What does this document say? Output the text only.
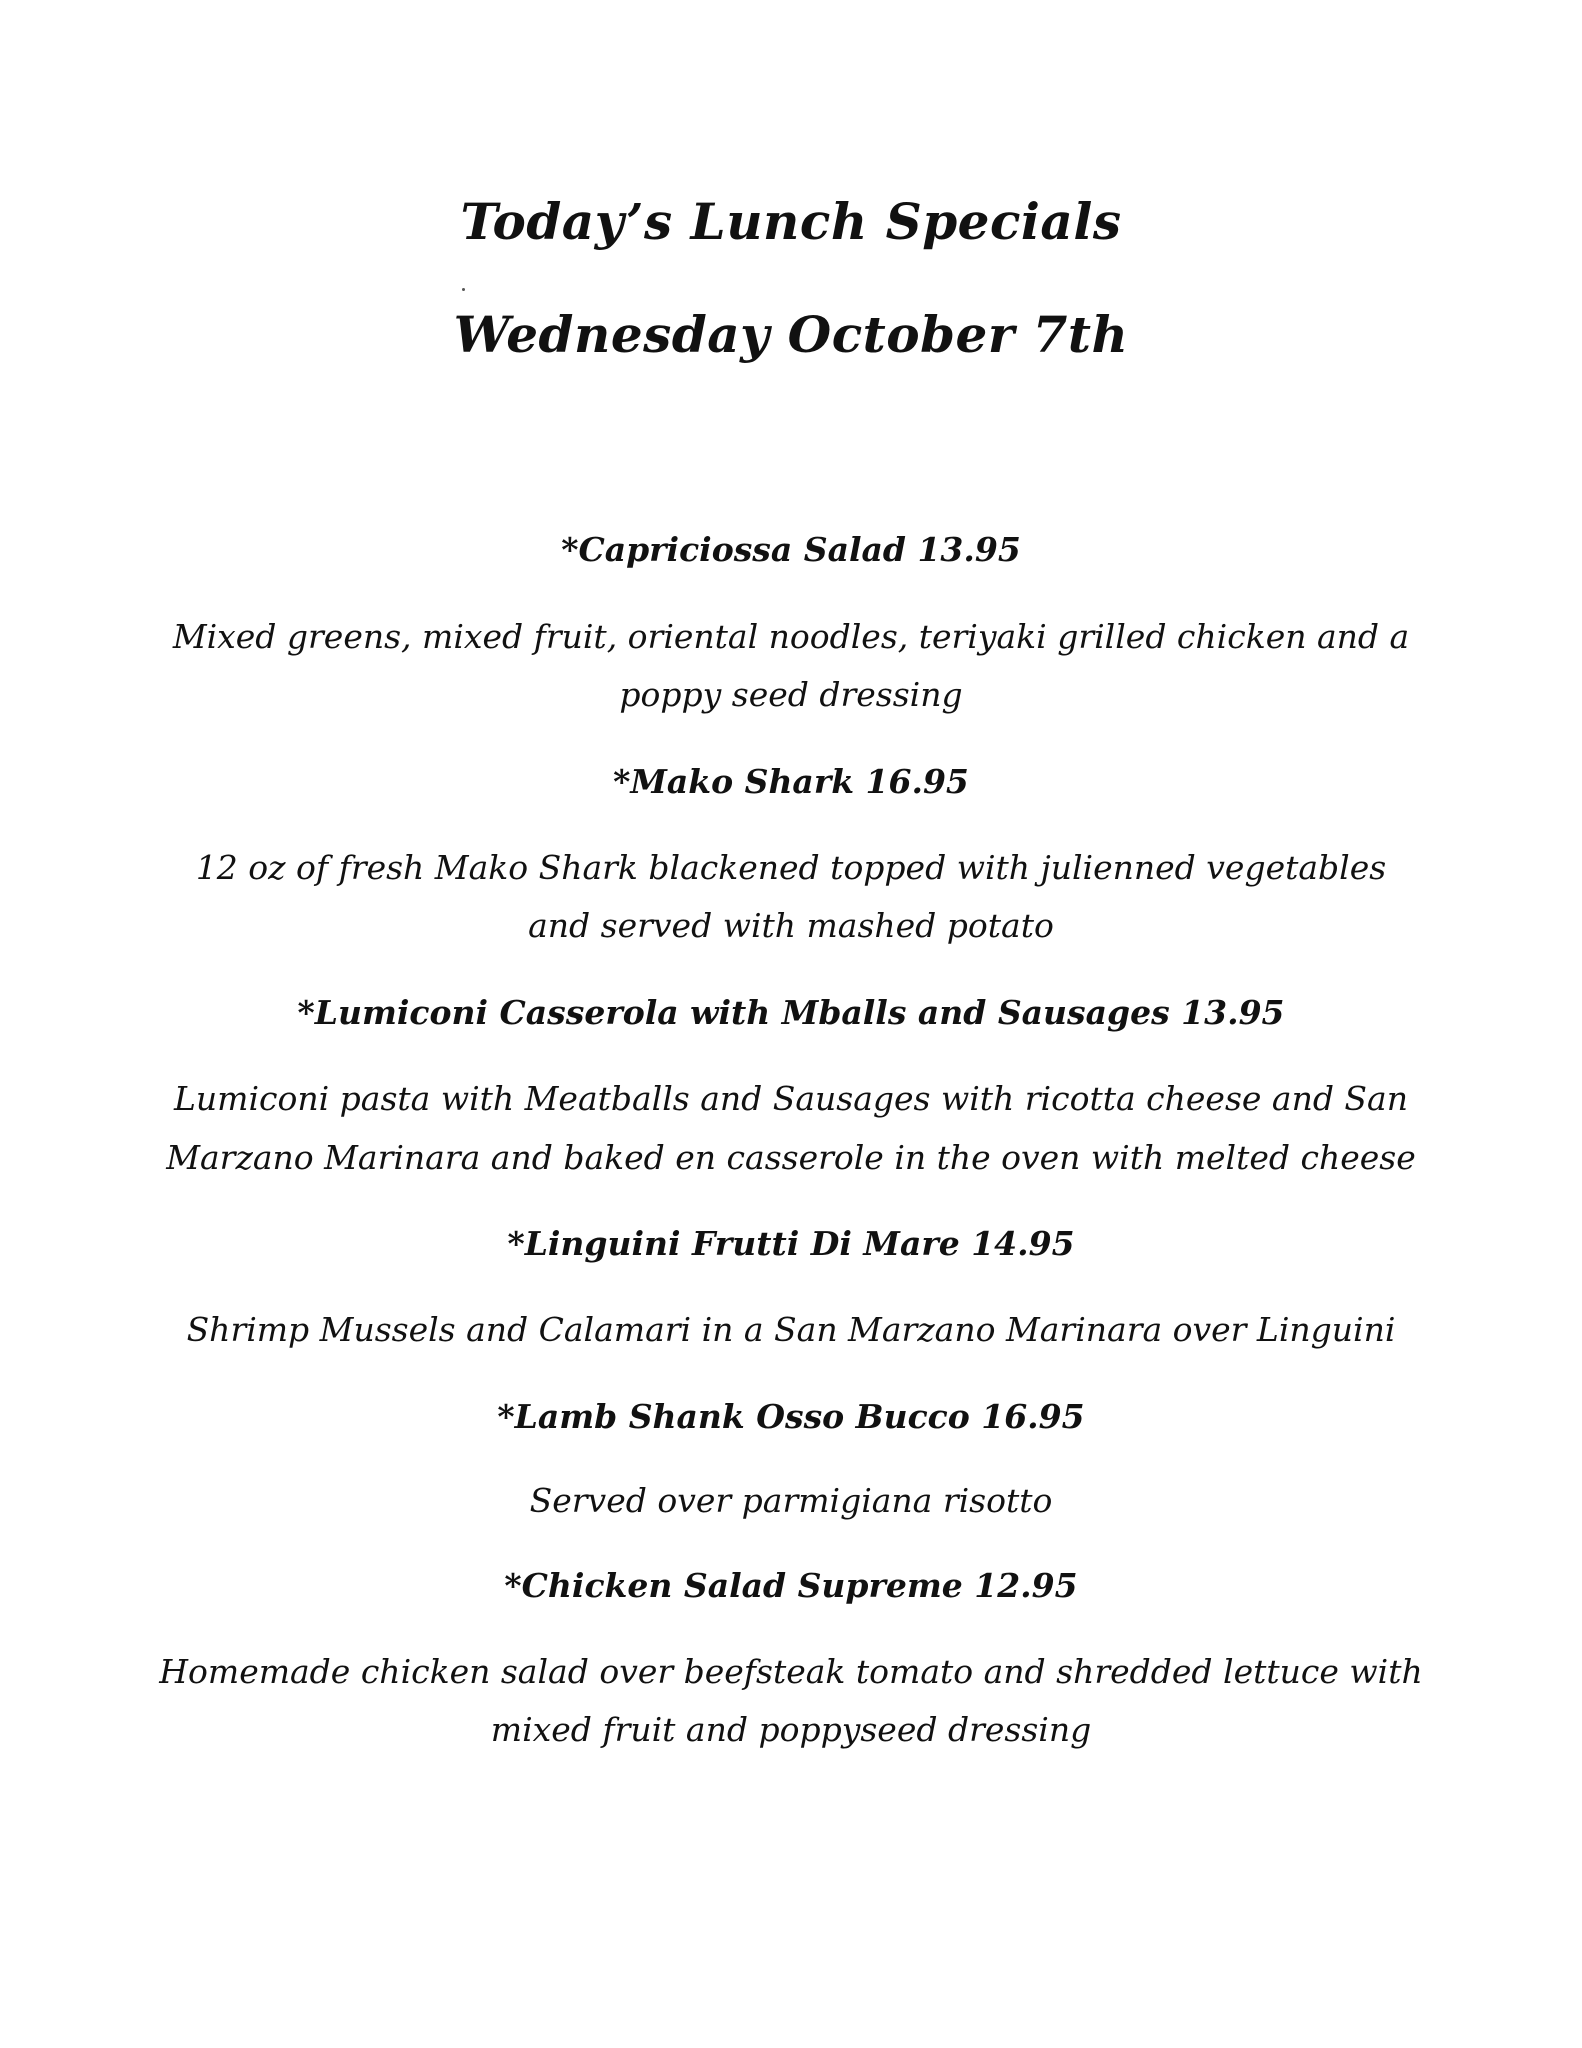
Today’s Lunch Specials

Wednesday October 7th

*Capriciossa Salad 13.95

Mixed greens, mixed fruit, oriental noodles, teriyaki grilled chicken and a

poppy seed dressing

*Mako Shark 16.95

12 oz of fresh Mako Shark blackened topped with julienned vegetables

and served with mashed potato

*Lumiconi Casserola with Mballs and Sausages 13.95

Lumiconi pasta with Meatballs and Sausages with ricotta cheese and San

Marzano Marinara and baked en casserole in the oven with melted cheese

*Linguini Frutti Di Mare 14.95

Shrimp Mussels and Calamari in a San Marzano Marinara over Linguini

*Lamb Shank Osso Bucco 16.95

Served over parmigiana risotto

*Chicken Salad Supreme 12.95

Homemade chicken salad over beefsteak tomato and shredded lettuce with

mixed fruit and poppyseed dressing
